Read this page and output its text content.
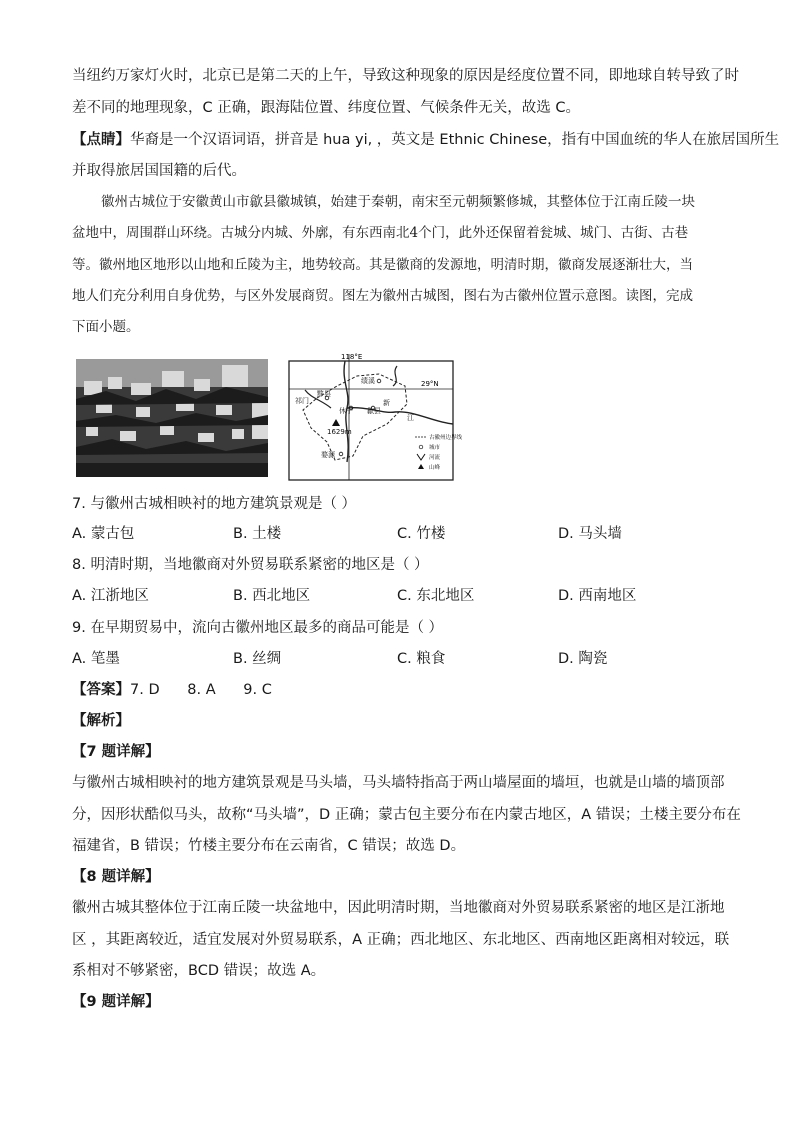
当纽约万家灯火时，北京已是第二天的上午，导致这种现象的原因是经度位置不同，即地球自转导致了时
差不同的地理现象，C 正确，跟海陆位置、纬度位置、气候条件无关，故选 C。
【点睛】华裔是一个汉语词语，拼音是 hua yi, ，英文是 Ethnic Chinese，指有中国血统的华人在旅居国所生
并取得旅居国国籍的后代。
徽州古城位于安徽黄山市歙县徽城镇，始建于秦朝，南宋至元朝频繁修城，其整体位于江南丘陵一块
盆地中，周围群山环绕。古城分内城、外廓，有东西南北4个门，此外还保留着瓮城、城门、古街、古巷
等。徽州地区地形以山地和丘陵为主，地势较高。其是徽商的发源地，明清时期，徽商发展逐渐壮大，当
地人们充分利用自身优势，与区外发展商贸。图左为徽州古城图，图右为古徽州位置示意图。读图，完成
下面小题。
118°E
29°N
绩溪
黟县
祁门
休宁 歙县
新
江
婺源
1629m
古徽州边界线
城市
河流
山峰
7. 与徽州古城相映衬的地方建筑景观是（ ）
A. 蒙古包	B. 土楼	C. 竹楼	D. 马头墙
8. 明清时期，当地徽商对外贸易联系紧密的地区是（ ）
A. 江浙地区	B. 西北地区	C. 东北地区	D. 西南地区
9. 在早期贸易中，流向古徽州地区最多的商品可能是（ ）
A. 笔墨	B. 丝绸	C. 粮食	D. 陶瓷
【答案】7. D      8. A      9. C
【解析】
【7 题详解】
与徽州古城相映衬的地方建筑景观是马头墙，马头墙特指高于两山墙屋面的墙垣，也就是山墙的墙顶部
分，因形状酷似马头，故称“马头墙”，D 正确；蒙古包主要分布在内蒙古地区，A 错误；土楼主要分布在
福建省，B 错误；竹楼主要分布在云南省，C 错误；故选 D。
【8 题详解】
徽州古城其整体位于江南丘陵一块盆地中，因此明清时期，当地徽商对外贸易联系紧密的地区是江浙地
区 ，其距离较近，适宜发展对外贸易联系，A 正确；西北地区、东北地区、西南地区距离相对较远，联
系相对不够紧密，BCD 错误；故选 A。
【9 题详解】
